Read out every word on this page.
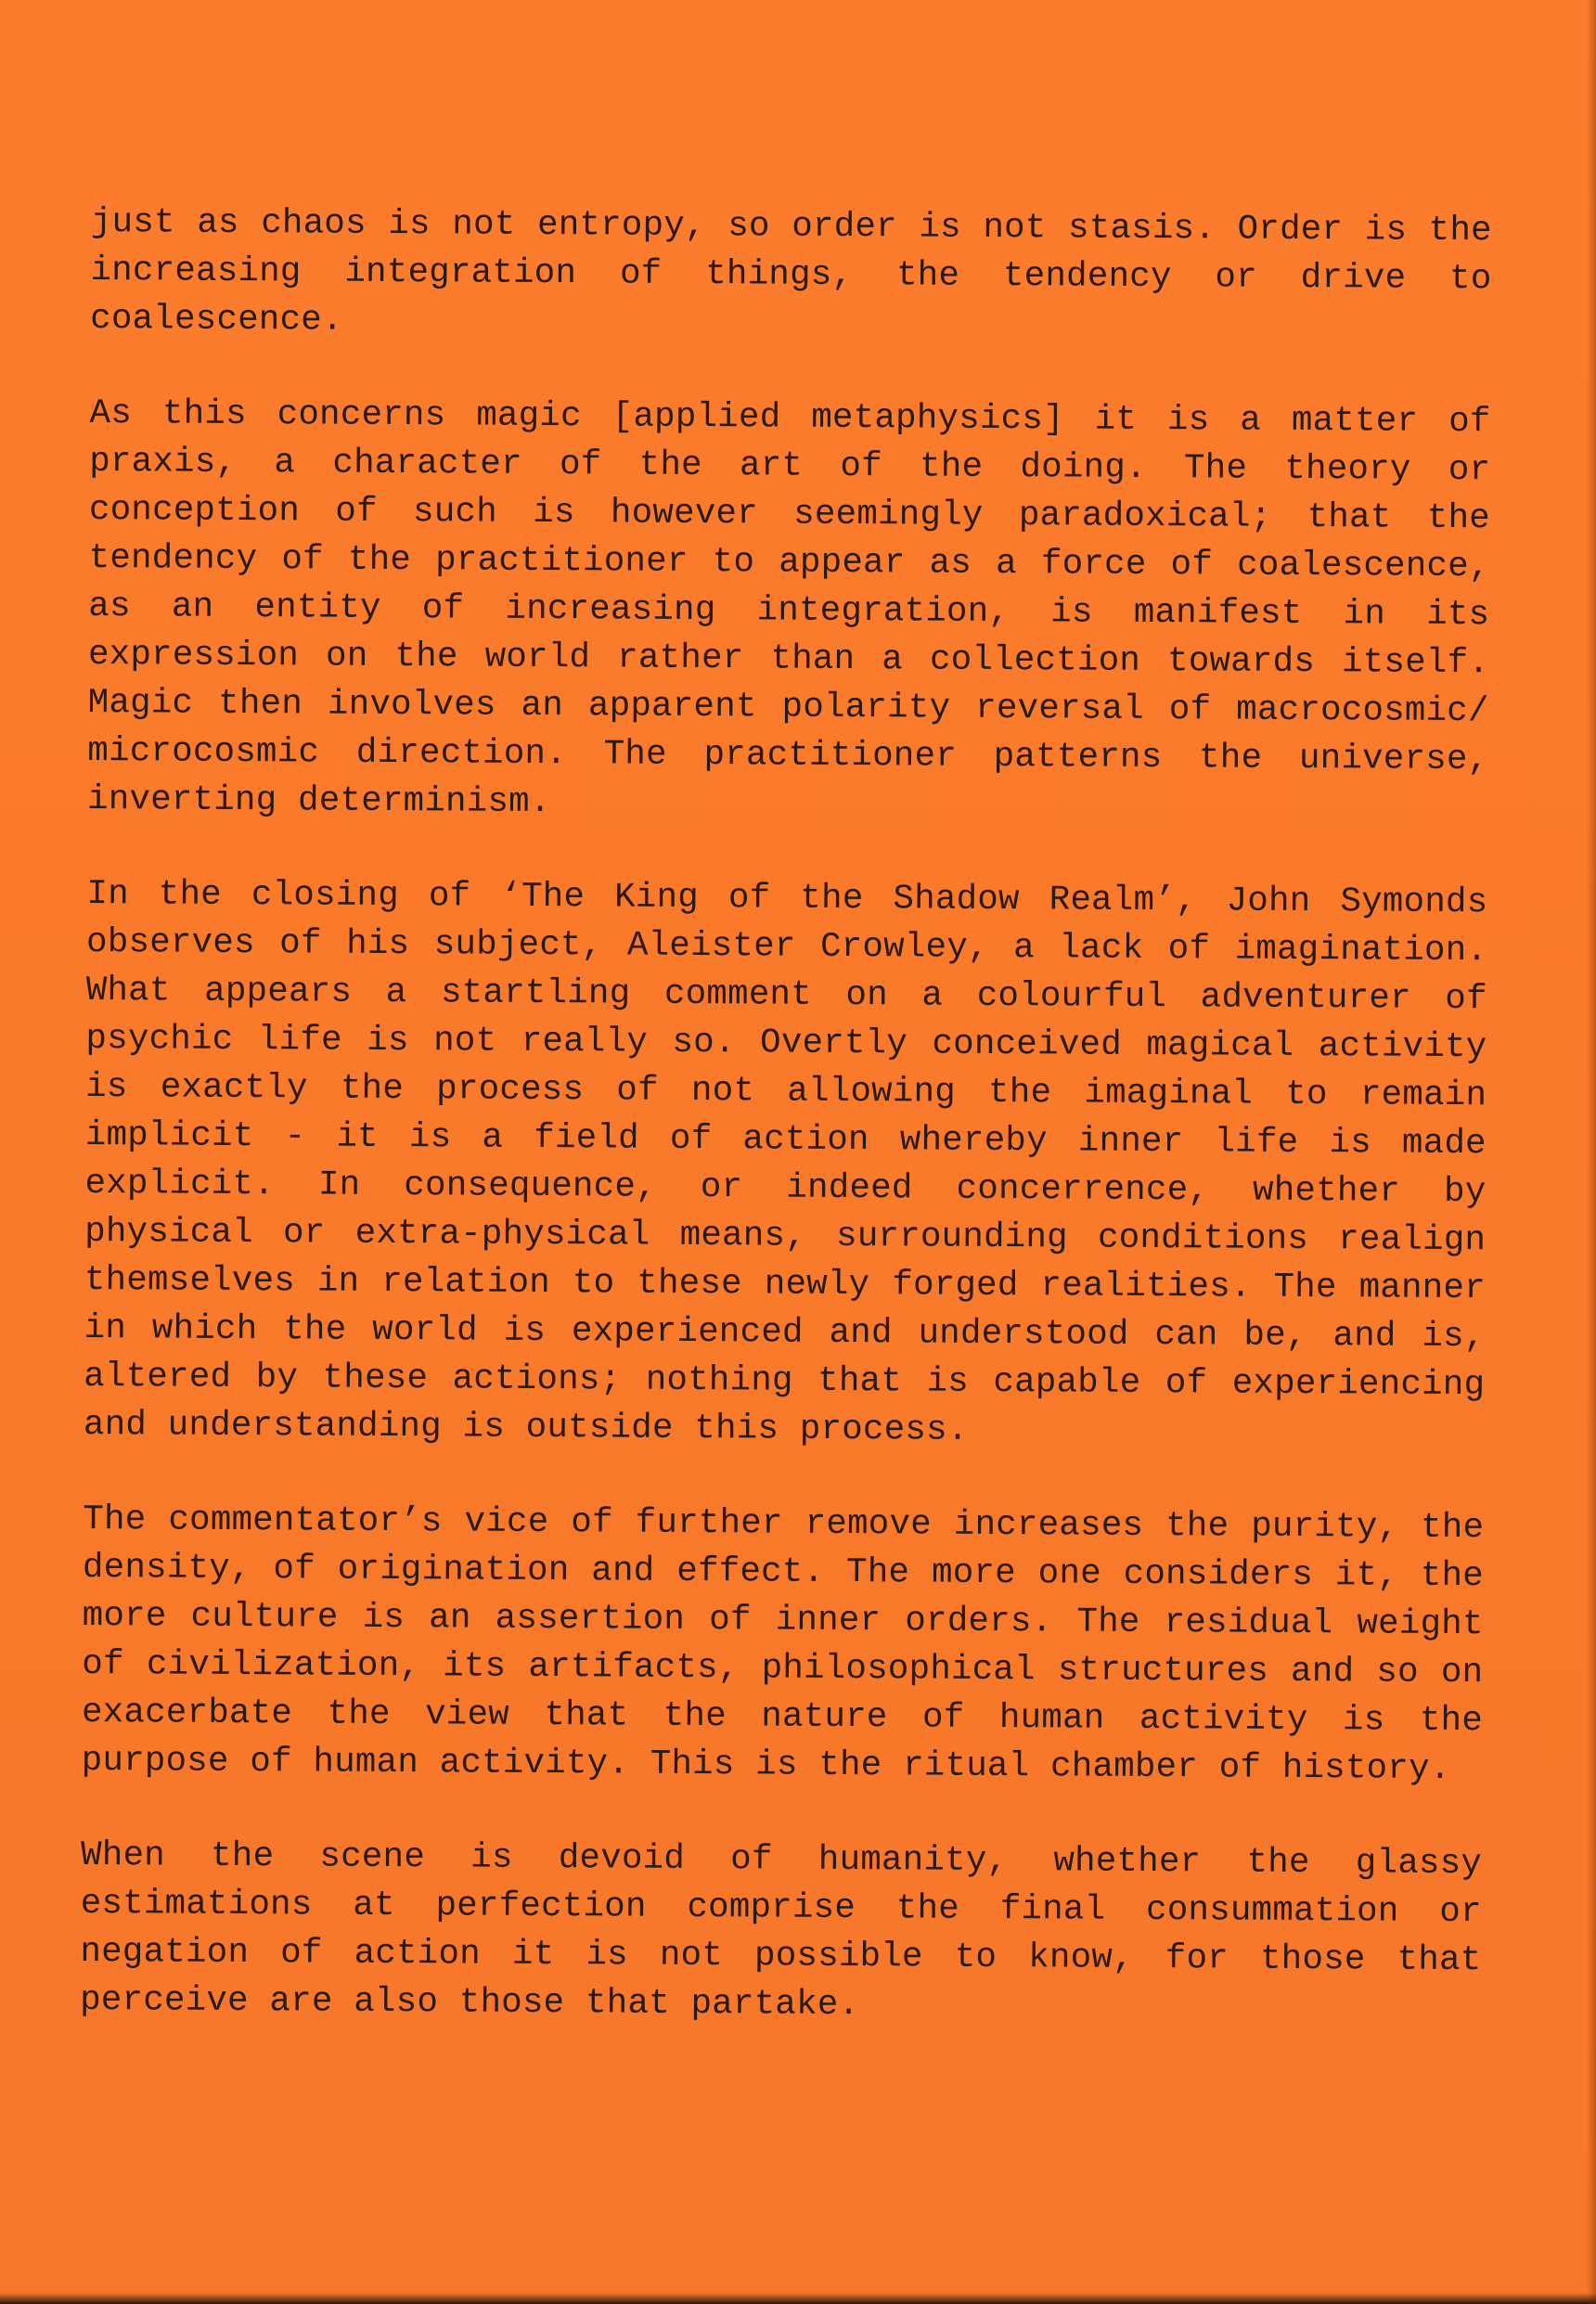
just as chaos is not entropy, so order is not stasis. Order is the increasing integration of things, the tendency or drive to coalescence.

As this concerns magic [applied metaphysics] it is a matter of praxis, a character of the art of the doing. The theory or conception of such is however seemingly paradoxical; that the tendency of the practitioner to appear as a force of coalescence, as an entity of increasing integration, is manifest in its expression on the world rather than a collection towards itself. Magic then involves an apparent polarity reversal of macrocosmic/ microcosmic direction. The practitioner patterns the universe, inverting determinism.

In the closing of ‘The King of the Shadow Realm’, John Symonds observes of his subject, Aleister Crowley, a lack of imagination. What appears a startling comment on a colourful adventurer of psychic life is not really so. Overtly conceived magical activity is exactly the process of not allowing the imaginal to remain implicit - it is a field of action whereby inner life is made explicit. In consequence, or indeed concerrence, whether by physical or extra-physical means, surrounding conditions realign themselves in relation to these newly forged realities. The manner in which the world is experienced and understood can be, and is, altered by these actions; nothing that is capable of experiencing and understanding is outside this process.

The commentator’s vice of further remove increases the purity, the density, of origination and effect. The more one considers it, the more culture is an assertion of inner orders. The residual weight of civilization, its artifacts, philosophical structures and so on exacerbate the view that the nature of human activity is the purpose of human activity. This is the ritual chamber of history.

When the scene is devoid of humanity, whether the glassy estimations at perfection comprise the final consummation or negation of action it is not possible to know, for those that perceive are also those that partake.
